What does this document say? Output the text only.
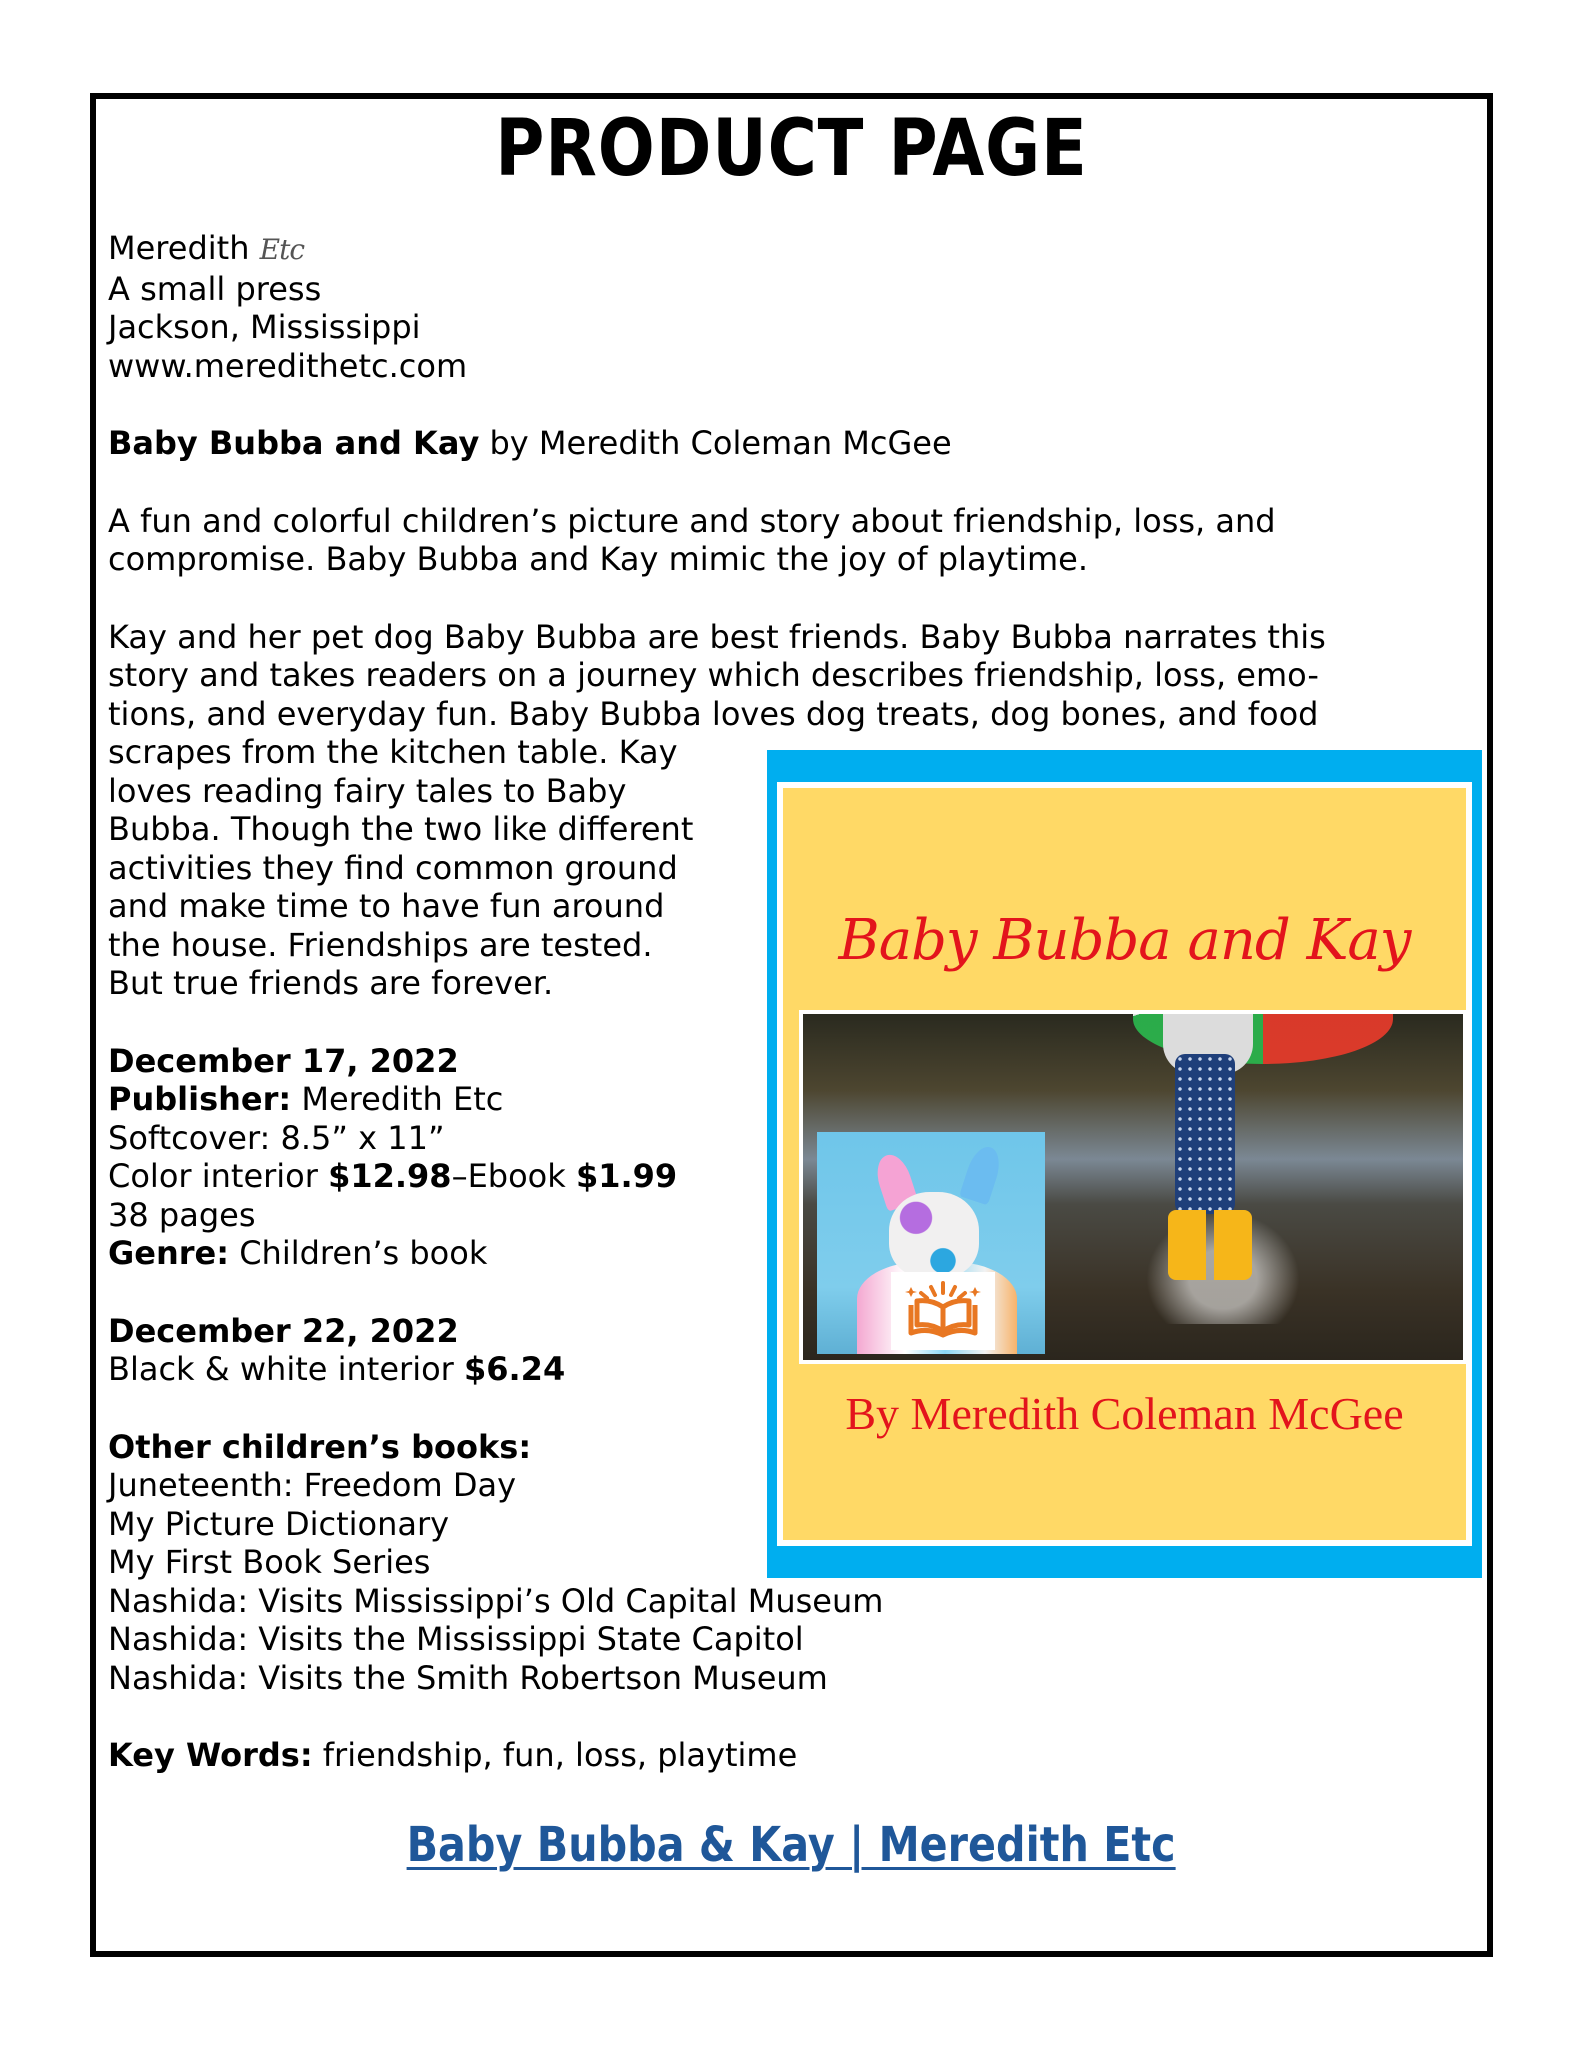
PRODUCT PAGE

Meredith Etc

A small press

Jackson, Mississippi

www.meredithetc.com

Baby Bubba and Kay by Meredith Coleman McGee

A fun and colorful children’s picture and story about friendship, loss, and

compromise. Baby Bubba and Kay mimic the joy of playtime.

Kay and her pet dog Baby Bubba are best friends. Baby Bubba narrates this

story and takes readers on a journey which describes friendship, loss, emo-

tions, and everyday fun. Baby Bubba loves dog treats, dog bones, and food

scrapes from the kitchen table. Kay

loves reading fairy tales to Baby

Bubba. Though the two like different

activities they find common ground

and make time to have fun around

the house. Friendships are tested.

But true friends are forever.

December 17, 2022

Publisher: Meredith Etc

Softcover: 8.5” x 11”

Color interior $12.98–Ebook $1.99

38 pages

Genre: Children’s book

December 22, 2022

Black & white interior $6.24

Other children’s books:

Juneteenth: Freedom Day

My Picture Dictionary

My First Book Series

Nashida: Visits Mississippi’s Old Capital Museum

Nashida: Visits the Mississippi State Capitol

Nashida: Visits the Smith Robertson Museum

Key Words: friendship, fun, loss, playtime

Baby Bubba & Kay | Meredith Etc
Baby Bubba and Kay
By Meredith Coleman McGee
